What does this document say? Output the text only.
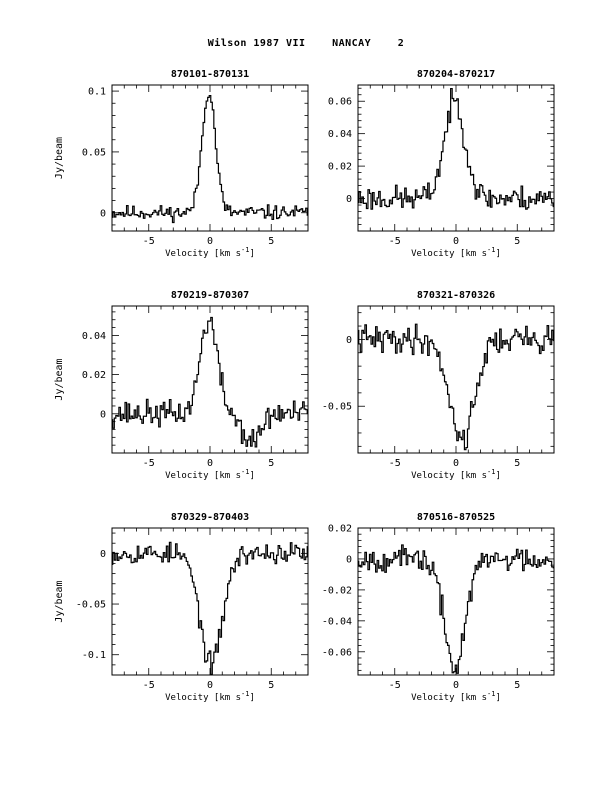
Wilson 1987 VII	NANCAY	2
870101-870131
-5	0	5
0
0.05
0.1
Velocity [km $s^{-1}$]
Jy/beam
870204-870217
-5	0	5
0
0.02
0.04
0.06
Velocity [km $s^{-1}$]
870219-870307
-5	0	5
0
0.02
0.04
Velocity [km $s^{-1}$]
Jy/beam
870321-870326
-5	0	5
-0.05
0
Velocity [km $s^{-1}$]
870329-870403
-5	0	5
-0.1
-0.05
0
Velocity [km $s^{-1}$]
Jy/beam
870516-870525
-5	0	5
-0.06
-0.04
-0.02
0
0.02
Velocity [km $s^{-1}$]
